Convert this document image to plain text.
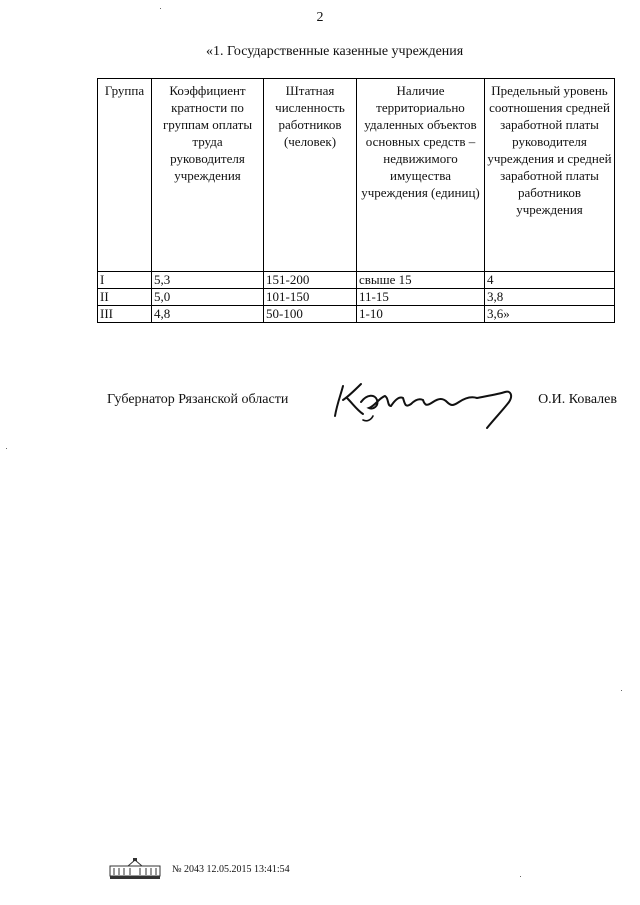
2
«1. Государственные казенные учреждения
Группа	Коэффициент кратности по группам оплаты труда руководителя учреждения	Штатная численность работников (человек)	Наличие территориально удаленных объектов основных средств – недвижимого имущества учреждения (единиц)	Предельный уровень соотношения средней заработной платы руководителя учреждения и средней заработной платы работников учреждения
I	5,3	151-200	свыше 15	4
II	5,0	101-150	11-15	3,8
III	4,8	50-100	1-10	3,6»
Губернатор Рязанской области	О.И. Ковалев
№ 2043 12.05.2015 13:41:54
